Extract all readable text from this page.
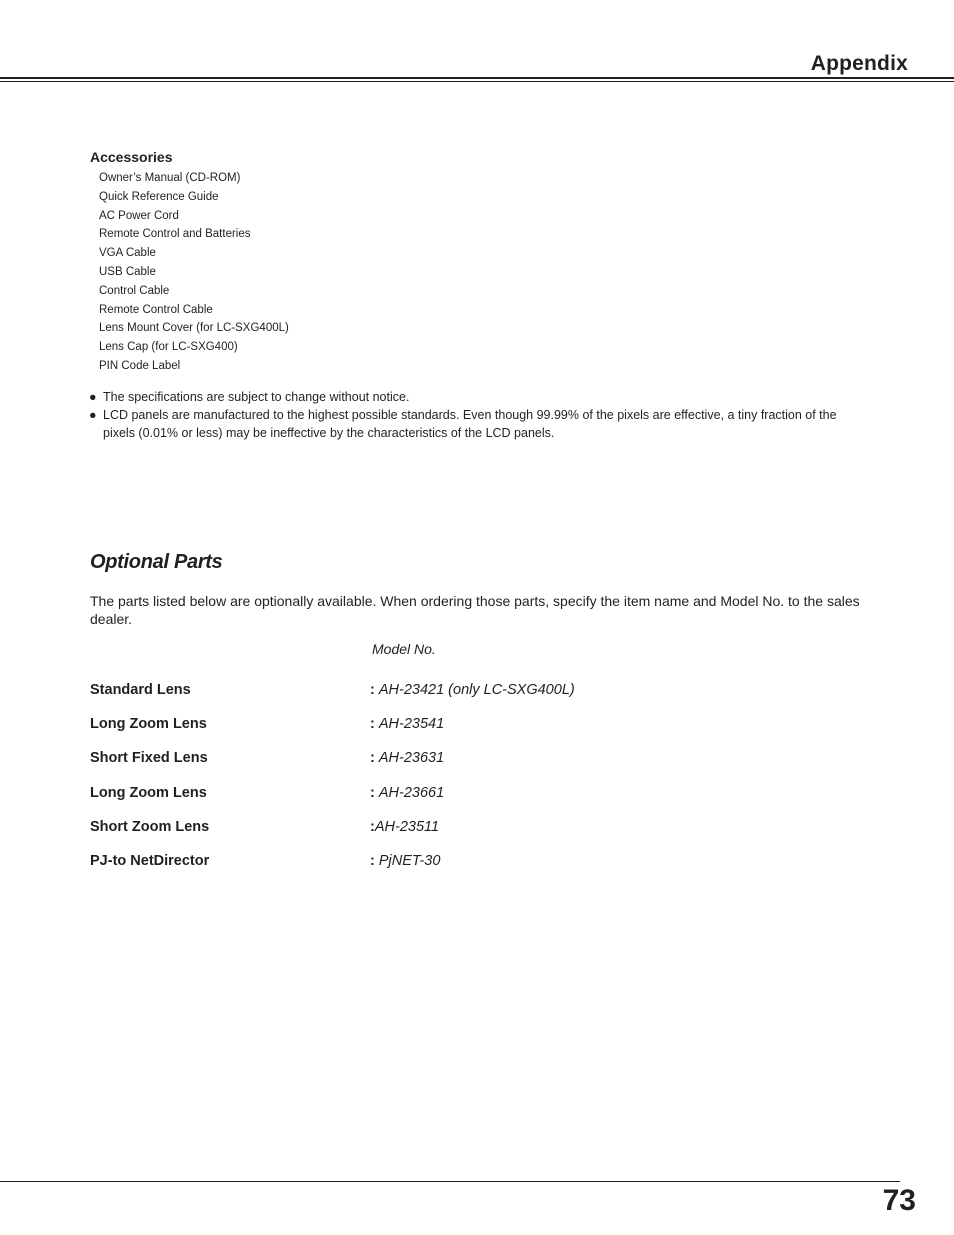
Appendix
Accessories
Owner’s Manual (CD-ROM)
Quick Reference Guide
AC Power Cord
Remote Control and Batteries
VGA Cable
USB Cable
Control Cable
Remote Control Cable
Lens Mount Cover (for LC-SXG400L)
Lens Cap (for LC-SXG400)
PIN Code Label
● The specifications are subject to change without notice.
● LCD panels are manufactured to the highest possible standards. Even though 99.99% of the pixels are effective, a tiny fraction of the pixels (0.01% or less) may be ineffective by the characteristics of the LCD panels.
Optional Parts

The parts listed below are optionally available. When ordering those parts, specify the item name and Model No. to the sales dealer.

Model No.
Standard Lens	: AH-23421 (only LC-SXG400L)
Long Zoom Lens	: AH-23541
Short Fixed Lens	: AH-23631
Long Zoom Lens	: AH-23661
Short Zoom Lens	:AH-23511
PJ-to NetDirector	: PjNET-30
73
